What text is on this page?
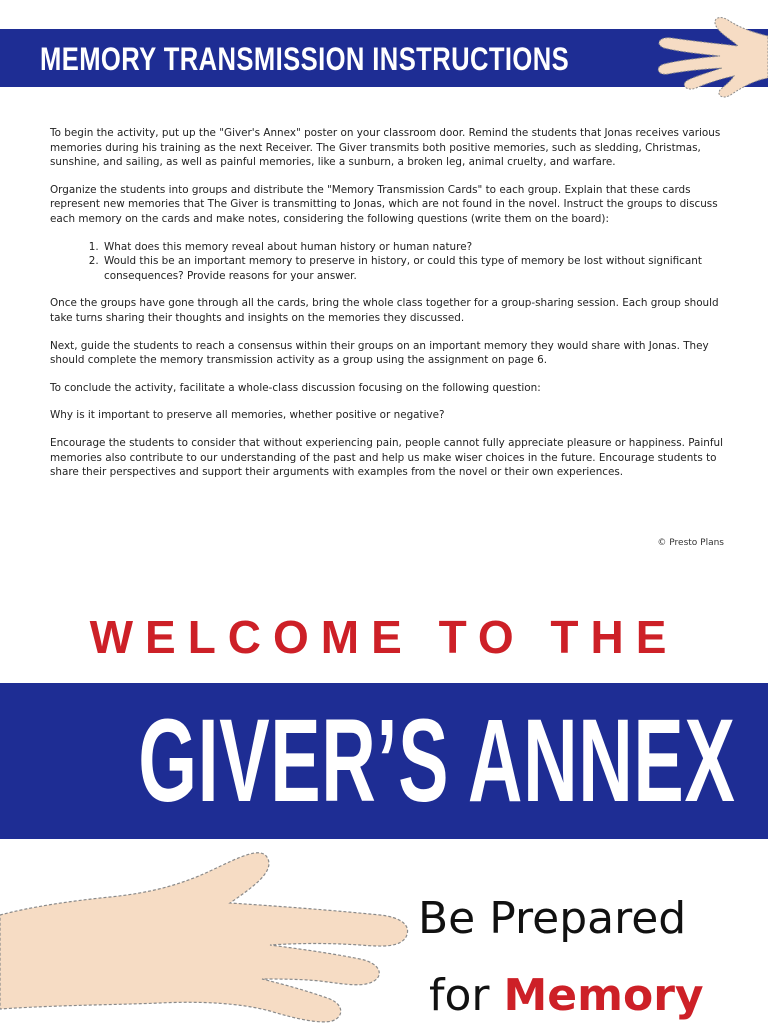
MEMORY TRANSMISSION INSTRUCTIONS

To begin the activity, put up the "Giver's Annex" poster on your classroom door. Remind the students that Jonas receives various memories during his training as the next Receiver. The Giver transmits both positive memories, such as sledding, Christmas, sunshine, and sailing, as well as painful memories, like a sunburn, a broken leg, animal cruelty, and warfare.

Organize the students into groups and distribute the "Memory Transmission Cards" to each group. Explain that these cards represent new memories that The Giver is transmitting to Jonas, which are not found in the novel. Instruct the groups to discuss each memory on the cards and make notes, considering the following questions (write them on the board):

1. What does this memory reveal about human history or human nature?
2. Would this be an important memory to preserve in history, or could this type of memory be lost without significant consequences? Provide reasons for your answer.

Once the groups have gone through all the cards, bring the whole class together for a group-sharing session. Each group should take turns sharing their thoughts and insights on the memories they discussed.

Next, guide the students to reach a consensus within their groups on an important memory they would share with Jonas. They should complete the memory transmission activity as a group using the assignment on page 6.

To conclude the activity, facilitate a whole-class discussion focusing on the following question:

Why is it important to preserve all memories, whether positive or negative?

Encourage the students to consider that without experiencing pain, people cannot fully appreciate pleasure or happiness. Painful memories also contribute to our understanding of the past and help us make wiser choices in the future. Encourage students to share their perspectives and support their arguments with examples from the novel or their own experiences.

© Presto Plans
WELCOME TO THE
GIVER’S ANNEX
Be Prepared
for Memory
